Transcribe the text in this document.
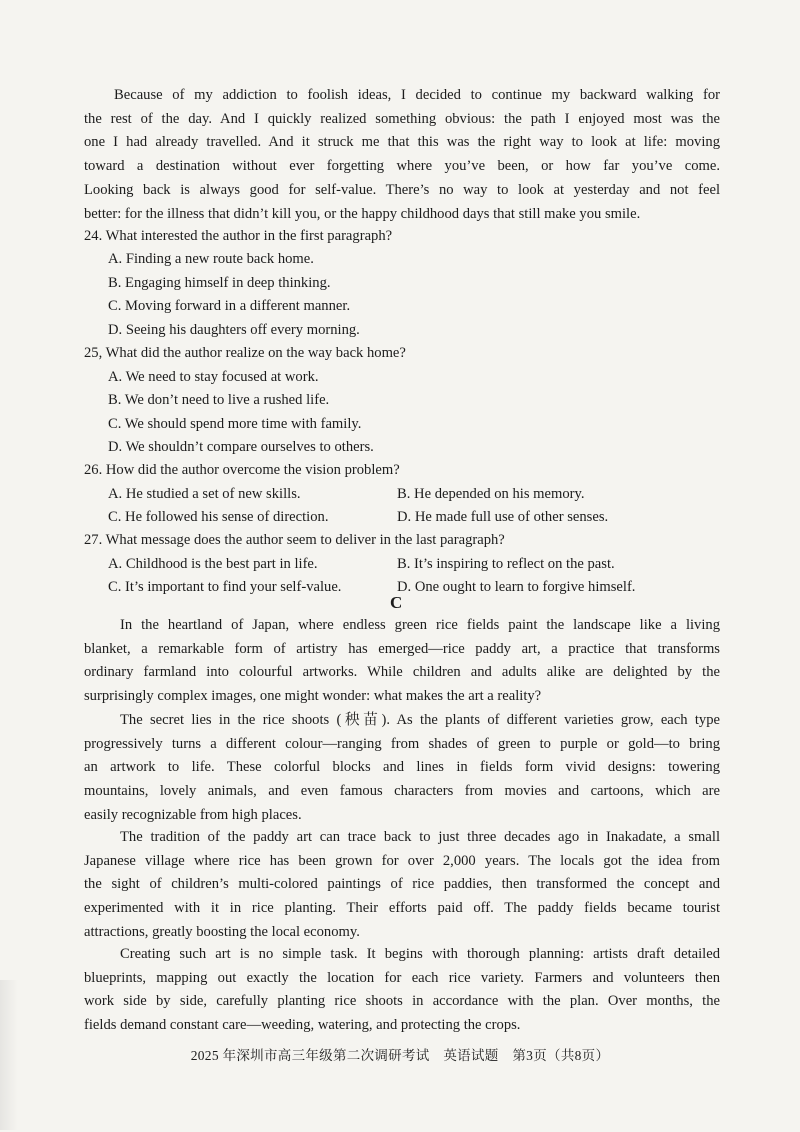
Because of my addiction to foolish ideas, I decided to continue my backward walking for
the rest of the day. And I quickly realized something obvious: the path I enjoyed most was the
one I had already travelled. And it struck me that this was the right way to look at life: moving
toward a destination without ever forgetting where you’ve been, or how far you’ve come.
Looking back is always good for self-value. There’s no way to look at yesterday and not feel
better: for the illness that didn’t kill you, or the happy childhood days that still make you smile.
24. What interested the author in the first paragraph?
A. Finding a new route back home.
B. Engaging himself in deep thinking.
C. Moving forward in a different manner.
D. Seeing his daughters off every morning.
25, What did the author realize on the way back home?
A. We need to stay focused at work.
B. We don’t need to live a rushed life.
C. We should spend more time with family.
D. We shouldn’t compare ourselves to others.
26. How did the author overcome the vision problem?
A. He studied a set of new skills.	B. He depended on his memory.
C. He followed his sense of direction.	D. He made full use of other senses.
27. What message does the author seem to deliver in the last paragraph?
A. Childhood is the best part in life.	B. It’s inspiring to reflect on the past.
C. It’s important to find your self-value.	D. One ought to learn to forgive himself.
C
In the heartland of Japan, where endless green rice fields paint the landscape like a living
blanket, a remarkable form of artistry has emerged—rice paddy art, a practice that transforms
ordinary farmland into colourful artworks. While children and adults alike are delighted by the
surprisingly complex images, one might wonder: what makes the art a reality?
The secret lies in the rice shoots (秧苗). As the plants of different varieties grow, each type
progressively turns a different colour—ranging from shades of green to purple or gold—to bring
an artwork to life. These colorful blocks and lines in fields form vivid designs: towering
mountains, lovely animals, and even famous characters from movies and cartoons, which are
easily recognizable from high places.
The tradition of the paddy art can trace back to just three decades ago in Inakadate, a small
Japanese village where rice has been grown for over 2,000 years. The locals got the idea from
the sight of children’s multi-colored paintings of rice paddies, then transformed the concept and
experimented with it in rice planting. Their efforts paid off. The paddy fields became tourist
attractions, greatly boosting the local economy.
Creating such art is no simple task. It begins with thorough planning: artists draft detailed
blueprints, mapping out exactly the location for each rice variety. Farmers and volunteers then
work side by side, carefully planting rice shoots in accordance with the plan. Over months, the
fields demand constant care—weeding, watering, and protecting the crops.
2025 年深圳市高三年级第二次调研考试　英语试题　第3页（共8页）
